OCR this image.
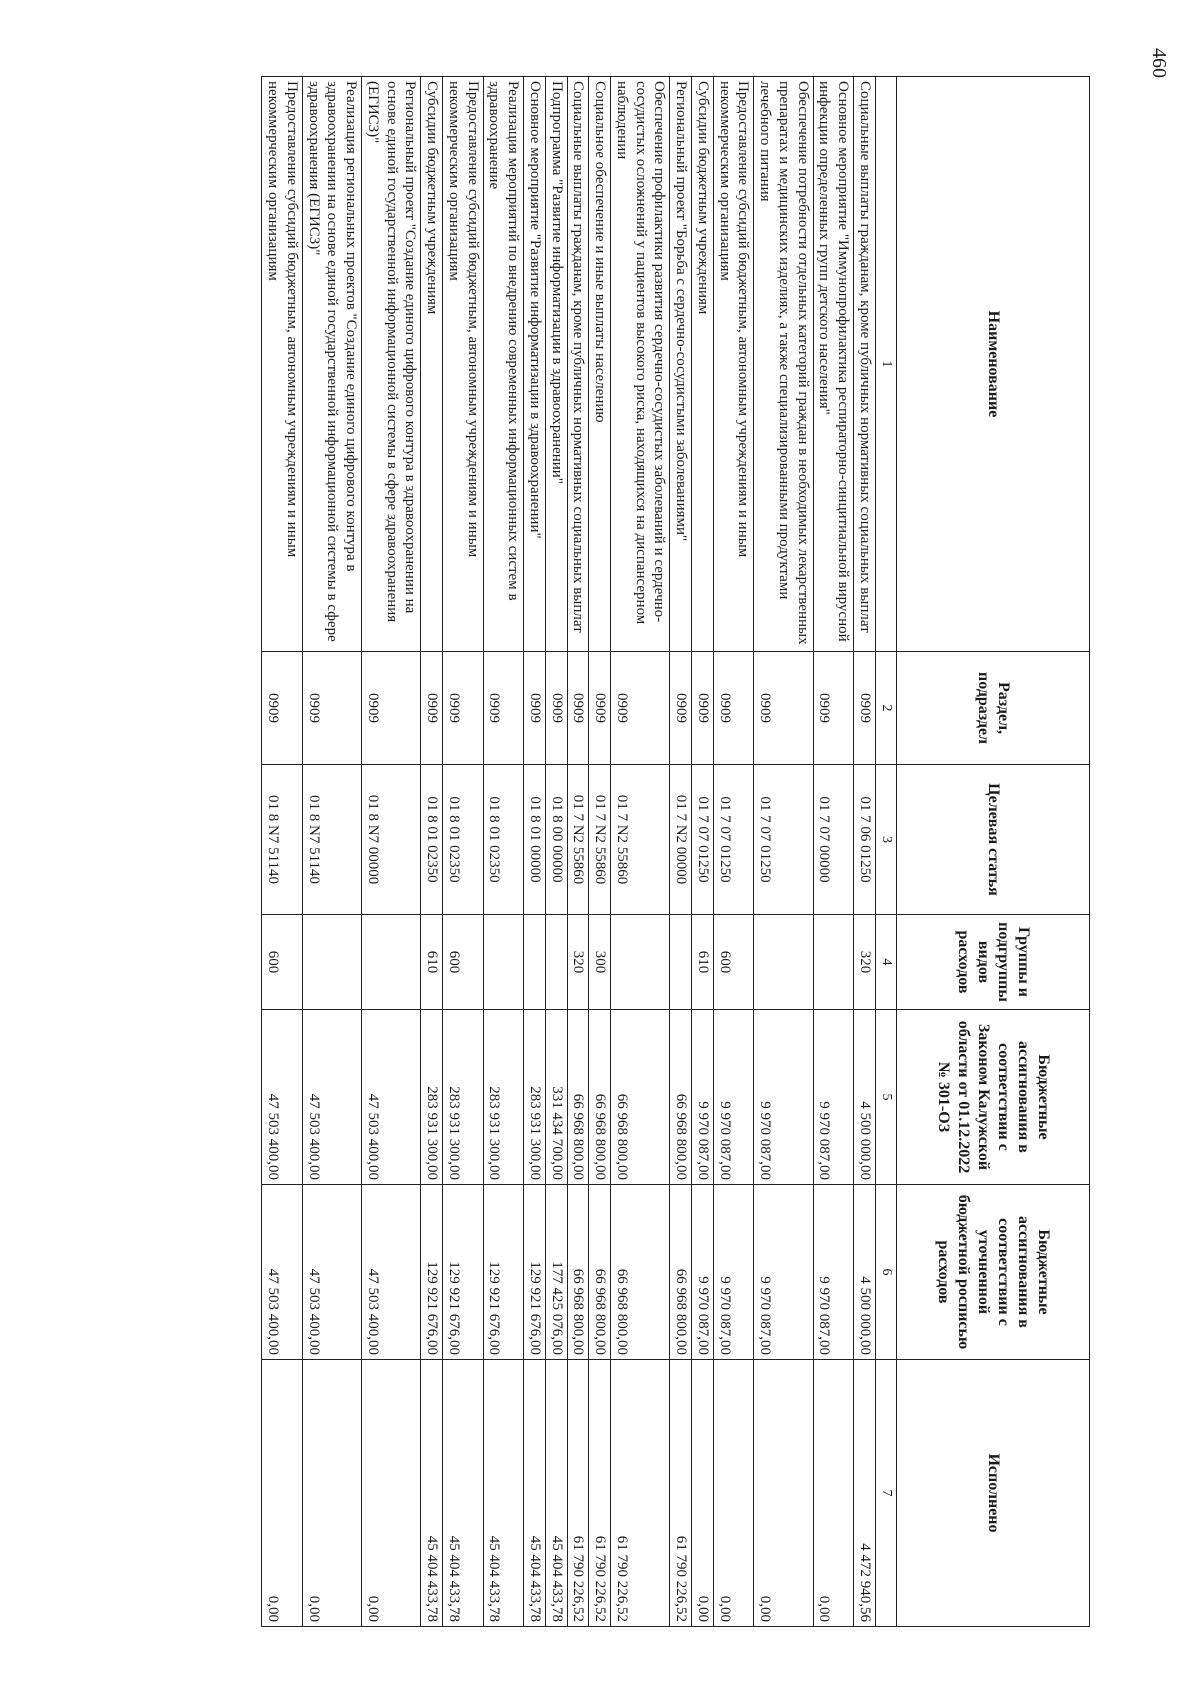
460
Наименование	Раздел, подраздел	Целевая статья	Группы и подгруппы видов расходов	Бюджетные ассигнования в соответствии с Законом Калужской области от 01.12.2022 № 301-ОЗ	Бюджетные ассигнования в соответствии с уточненной бюджетной росписью расходов	Исполнено
1	2	3	4	5	6	7
Социальные выплаты гражданам, кроме публичных нормативных социальных выплат	0909	01 7 06 01250	320	4 500 000,00	4 500 000,00	4 472 940,56
Основное мероприятие "Иммунопрофилактика респираторно-синцитиальной вирусной инфекции определенных групп детского населения"	0909	01 7 07 00000		9 970 087,00	9 970 087,00	0,00
Обеспечение потребности отдельных категорий граждан в необходимых лекарственных препаратах и медицинских изделиях, а также специализированными продуктами лечебного питания	0909	01 7 07 01250		9 970 087,00	9 970 087,00	0,00
Предоставление субсидий бюджетным, автономным учреждениям и иным некоммерческим организациям	0909	01 7 07 01250	600	9 970 087,00	9 970 087,00	0,00
Субсидии бюджетным учреждениям	0909	01 7 07 01250	610	9 970 087,00	9 970 087,00	0,00
Региональный проект "Борьба с сердечно-сосудистыми заболеваниями"	0909	01 7 N2 00000		66 968 800,00	66 968 800,00	61 790 226,52
Обеспечение профилактики развития сердечно-сосудистых заболеваний и сердечно-сосудистых осложнений у пациентов высокого риска, находящихся на диспансерном наблюдении	0909	01 7 N2 55860		66 968 800,00	66 968 800,00	61 790 226,52
Социальное обеспечение и иные выплаты населению	0909	01 7 N2 55860	300	66 968 800,00	66 968 800,00	61 790 226,52
Социальные выплаты гражданам, кроме публичных нормативных социальных выплат	0909	01 7 N2 55860	320	66 968 800,00	66 968 800,00	61 790 226,52
Подпрограмма "Развитие информатизации в здравоохранении"	0909	01 8 00 00000		331 434 700,00	177 425 076,00	45 404 433,78
Основное мероприятие "Развитие информатизации в здравоохранении"	0909	01 8 01 00000		283 931 300,00	129 921 676,00	45 404 433,78
Реализация мероприятий по внедрению современных информационных систем в здравоохранение	0909	01 8 01 02350		283 931 300,00	129 921 676,00	45 404 433,78
Предоставление субсидий бюджетным, автономным учреждениям и иным некоммерческим организациям	0909	01 8 01 02350	600	283 931 300,00	129 921 676,00	45 404 433,78
Субсидии бюджетным учреждениям	0909	01 8 01 02350	610	283 931 300,00	129 921 676,00	45 404 433,78
Региональный проект "Создание единого цифрового контура в здравоохранении на основе единой государственной информационной системы в сфере здравоохранения (ЕГИСЗ)"	0909	01 8 N7 00000		47 503 400,00	47 503 400,00	0,00
Реализация региональных проектов "Создание единого цифрового контура в здравоохранении на основе единой государственной информационной системы в сфере здравоохранения (ЕГИСЗ)"	0909	01 8 N7 51140		47 503 400,00	47 503 400,00	0,00
Предоставление субсидий бюджетным, автономным учреждениям и иным некоммерческим организациям	0909	01 8 N7 51140	600	47 503 400,00	47 503 400,00	0,00
